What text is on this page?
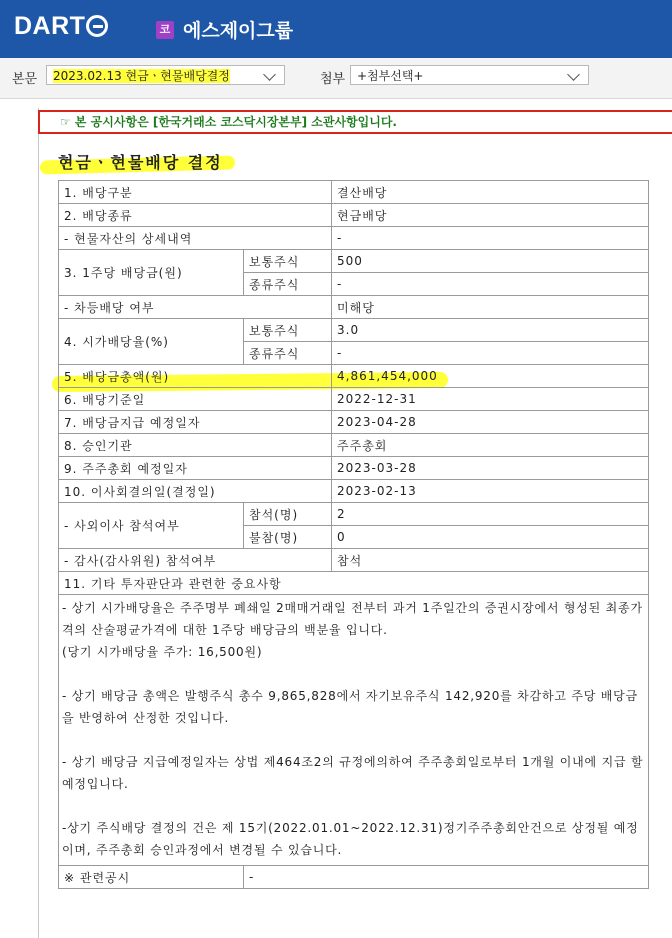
DART	코 에스제이그룹
본문	2023.02.13 현금ㆍ현물배당결정	첨부 +첨부선택+
☞ 본 공시사항은 [한국거래소 코스닥시장본부] 소관사항입니다.
현금ㆍ현물배당 결정
1. 배당구분		결산배당
2. 배당종류		현금배당
- 현물자산의 상세내역		-
3. 1주당 배당금(원)	보통주식	500
	종류주식	-
- 차등배당 여부		미해당
4. 시가배당율(%)	보통주식	3.0
	종류주식	-
5. 배당금총액(원)		4,861,454,000
6. 배당기준일		2022-12-31
7. 배당금지급 예정일자		2023-04-28
8. 승인기관		주주총회
9. 주주총회 예정일자		2023-03-28
10. 이사회결의일(결정일)		2023-02-13
- 사외이사 참석여부	참석(명)	2
	불참(명)	0
- 감사(감사위원) 참석여부		참석
11. 기타 투자판단과 관련한 중요사항		

- 상기 시가배당율은 주주명부 폐쇄일 2매매거래일 전부터 과거 1주일간의 증권시장에서 형성된 최종가격의 산술평균가격에 대한 1주당 배당금의 백분율 입니다.

(당기 시가배당율 주가: 16,500원)

- 상기 배당금 총액은 발행주식 총수 9,865,828에서 자기보유주식 142,920를 차감하고 주당 배당금을 반영하여 산정한 것입니다.

- 상기 배당금 지급예정일자는 상법 제464조2의 규정에의하여 주주총회일로부터 1개월 이내에 지급 할 예정입니다.

-상기 주식배당 결정의 건은 제 15기(2022.01.01~2022.12.31)정기주주총회안건으로 상정될 예정이며, 주주총회 승인과정에서 변경될 수 있습니다.		

※ 관련공시	-	
